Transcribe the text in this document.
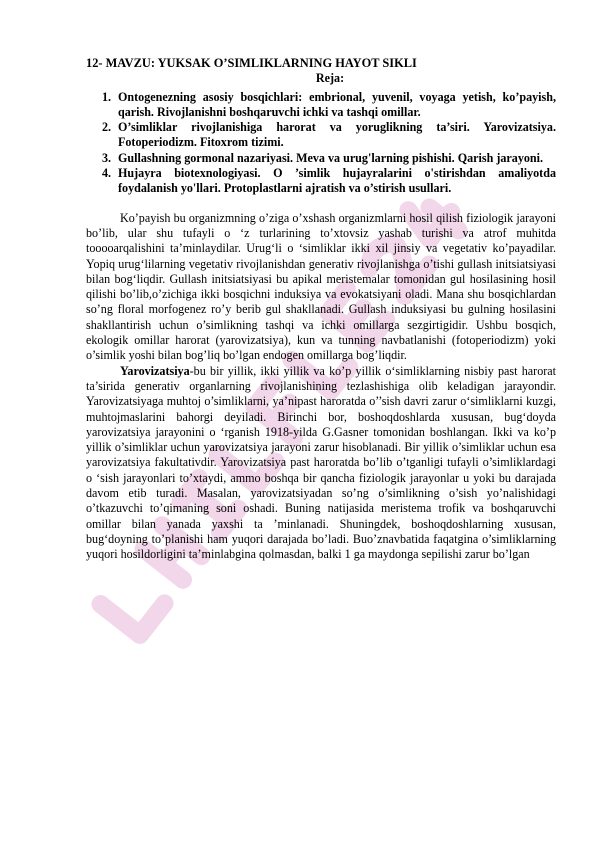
12- MAVZU: YUKSAK O’SIMLIKLARNING HAYOT SIKLI

Reja:

1. Ontogenezning asosiy bosqichlari: embrional, yuvenil, voyaga yetish, ko’payish, qarish. Rivojlanishni boshqaruvchi ichki va tashqi omillar.
2. O’simliklar rivojlanishiga harorat va yoruglikning ta’siri. Yarovizatsiya. Fotoperiodizm. Fitoxrom tizimi.
3. Gullashning gormonal nazariyasi. Meva va urug'larning pishishi. Qarish jarayoni.
4. Hujayra biotexnologiyasi. O ’simlik hujayralarini o'stirishdan amaliyotda foydalanish yo'llari. Protoplastlarni ajratish va o’stirish usullari.

Ko’payish bu organizmning o’ziga o’xshash organizmlarni hosil qilish fiziologik jarayoni bo’lib, ular shu tufayli o ‘z turlarining to’xtovsiz yashab turishi va atrof muhitda tooooarqalishini ta’minlaydilar. Urug‘li o ‘simliklar ikki xil jinsiy va vegetativ ko’payadilar. Yopiq urug‘lilarning vegetativ rivojlanishdan generativ rivojlanishga o’tishi gullash initsiatsiyasi bilan bog‘liqdir. Gullash initsiatsiyasi bu apikal meristemalar tomonidan gul hosilasining hosil qilishi bo’lib,o’zichiga ikki bosqichni induksiya va evokatsiyani oladi. Mana shu bosqichlardan so’ng floral morfogenez ro’y berib gul shakllanadi. Gullash induksiyasi bu gulning hosilasini shakllantirish uchun o’simlikning tashqi va ichki omillarga sezgirtigidir. Ushbu bosqich, ekologik omillar harorat (yarovizatsiya), kun va tunning navbatlanishi (fotoperiodizm) yoki o’simlik yoshi bilan bog’liq bo’lgan endogen omillarga bog’liqdir.

Yarovizatsiya-bu bir yillik, ikki yillik va ko’p yillik o‘simliklarning nisbiy past harorat ta’sirida generativ organlarning rivojlanishining tezlashishiga olib keladigan jarayondir. Yarovizatsiyaga muhtoj o’simliklarni, ya’nipast haroratda o’’sish davri zarur o‘simliklarni kuzgi, muhtojmaslarini bahorgi deyiladi. Birinchi bor, boshoqdoshlarda xususan, bug‘doyda yarovizatsiya jarayonini o ‘rganish 1918-yilda G.Gasner tomonidan boshlangan. Ikki va ko’p yillik o’simliklar uchun yarovizatsiya jarayoni zarur hisoblanadi. Bir yillik o’simliklar uchun esa yarovizatsiya fakultativdir. Yarovizatsiya past haroratda bo’lib o’tganligi tufayli o’simliklardagi o ‘sish jarayonlari to’xtaydi, ammo boshqa bir qancha fiziologik jarayonlar u yoki bu darajada davom etib turadi. Masalan, yarovizatsiyadan so’ng o’simlikning o’sish yo’nalishidagi o’tkazuvchi to’qimaning soni oshadi. Buning natijasida meristema trofik va boshqaruvchi omillar bilan yanada yaxshi ta ’minlanadi. Shuningdek, boshoqdoshlarning xususan, bug‘doyning to’planishi ham yuqori darajada bo’ladi. Buo’znavbatida faqatgina o’simliklarning yuqori hosildorligini ta’minlabgina qolmasdan, balki 1 ga maydonga sepilishi zarur bo’lgan
